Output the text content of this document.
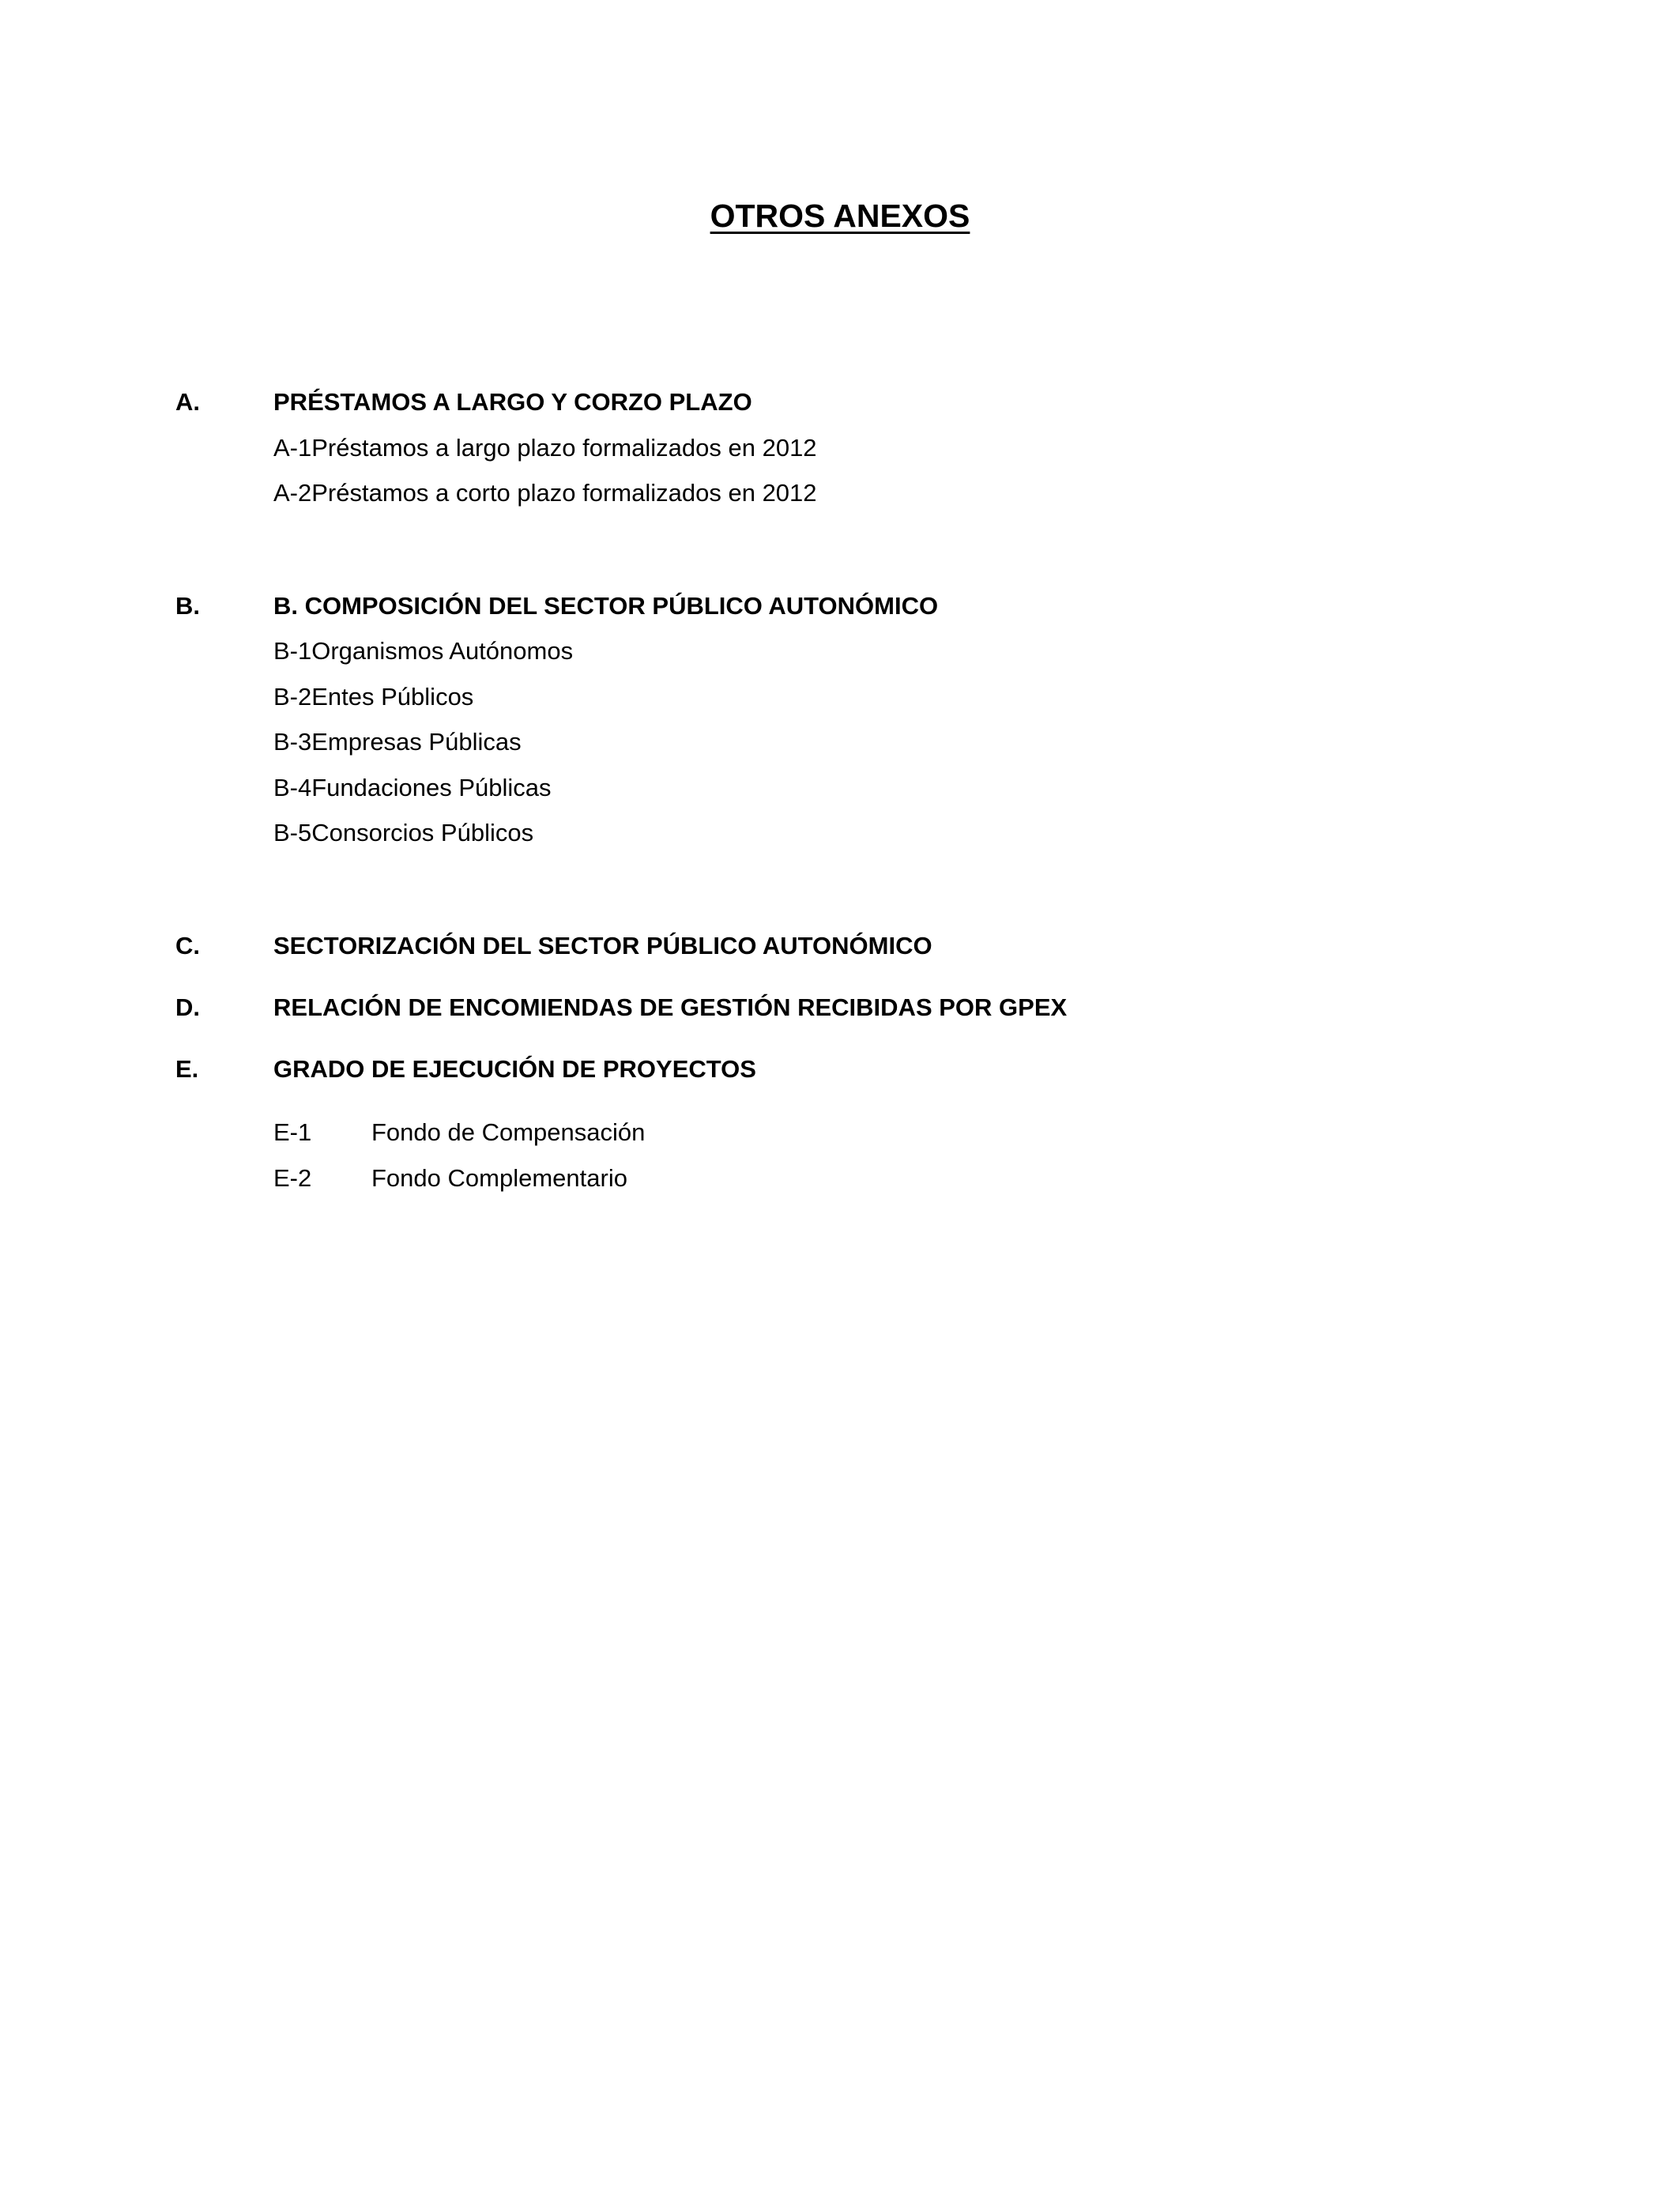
OTROS ANEXOS
A.	PRÉSTAMOS A LARGO Y CORZO PLAZO
A-1Préstamos a largo plazo formalizados en 2012
A-2Préstamos a corto plazo formalizados en 2012
B.	B. COMPOSICIÓN DEL SECTOR PÚBLICO AUTONÓMICO
B-1Organismos Autónomos
B-2Entes Públicos
B-3Empresas Públicas
B-4Fundaciones Públicas
B-5Consorcios Públicos
C.	SECTORIZACIÓN DEL SECTOR PÚBLICO AUTONÓMICO
D.	RELACIÓN DE ENCOMIENDAS DE GESTIÓN RECIBIDAS POR GPEX
E.	GRADO DE EJECUCIÓN DE PROYECTOS
E-1 Fondo de Compensación
E-2 Fondo Complementario
